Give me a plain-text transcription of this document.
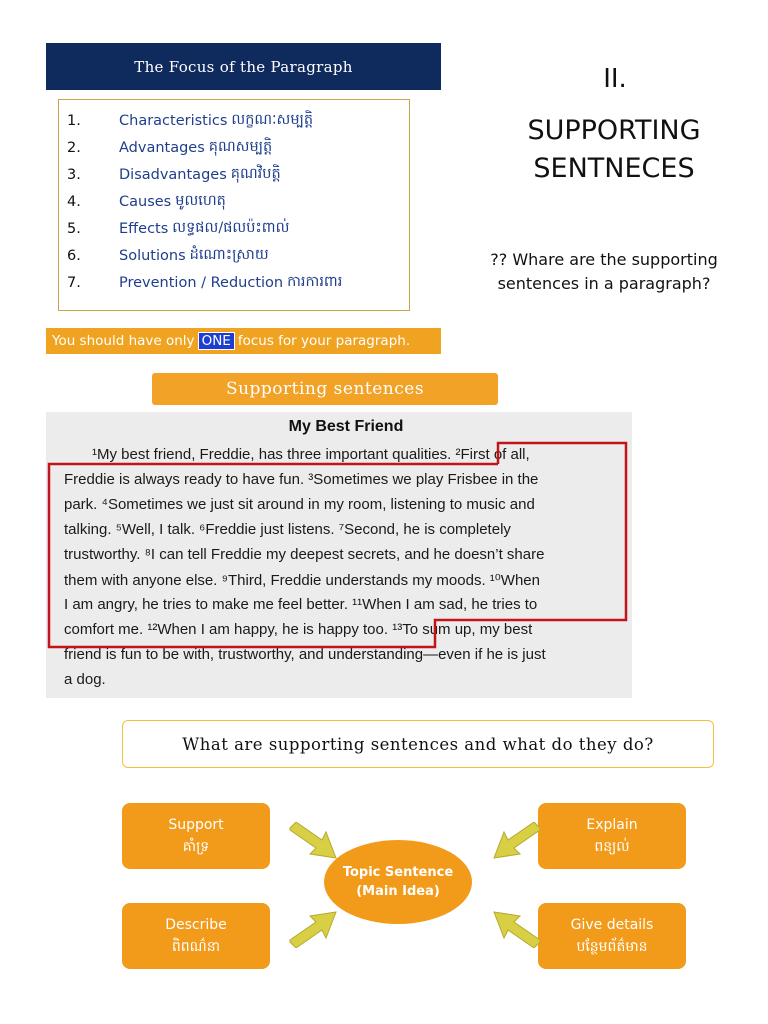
The Focus of the Paragraph
1.	Characteristics លក្ខណៈសម្បត្តិ
2.	Advantages គុណសម្បត្តិ
3.	Disadvantages គុណវិបត្តិ
4.	Causes មូលហេតុ
5.	Effects លទ្ធផល/ផលប៉ះពាល់
6.	Solutions ដំណោះស្រាយ
7.	Prevention / Reduction ការការពារ
You should have only ONE focus for your paragraph.
II.
SUPPORTING
SENTNECES
?? Whare are the supporting
sentences in a paragraph?
Supporting sentences
My Best Friend
¹My best friend, Freddie, has three important qualities. ²First of all,
Freddie is always ready to have fun. ³Sometimes we play Frisbee in the
park. ⁴Sometimes we just sit around in my room, listening to music and
talking. ⁵Well, I talk. ⁶Freddie just listens. ⁷Second, he is completely
trustworthy. ⁸I can tell Freddie my deepest secrets, and he doesn’t share
them with anyone else. ⁹Third, Freddie understands my moods. ¹⁰When
I am angry, he tries to make me feel better. ¹¹When I am sad, he tries to
comfort me. ¹²When I am happy, he is happy too. ¹³To sum up, my best
friend is fun to be with, trustworthy, and understanding—even if he is just
a dog.
What are supporting sentences and what do they do?
Support
គាំទ្រ
Explain
ពន្យល់
Describe
ពិពណ៌នា
Give details
បន្ថែមព័ត៌មាន
Topic Sentence
(Main Idea)
